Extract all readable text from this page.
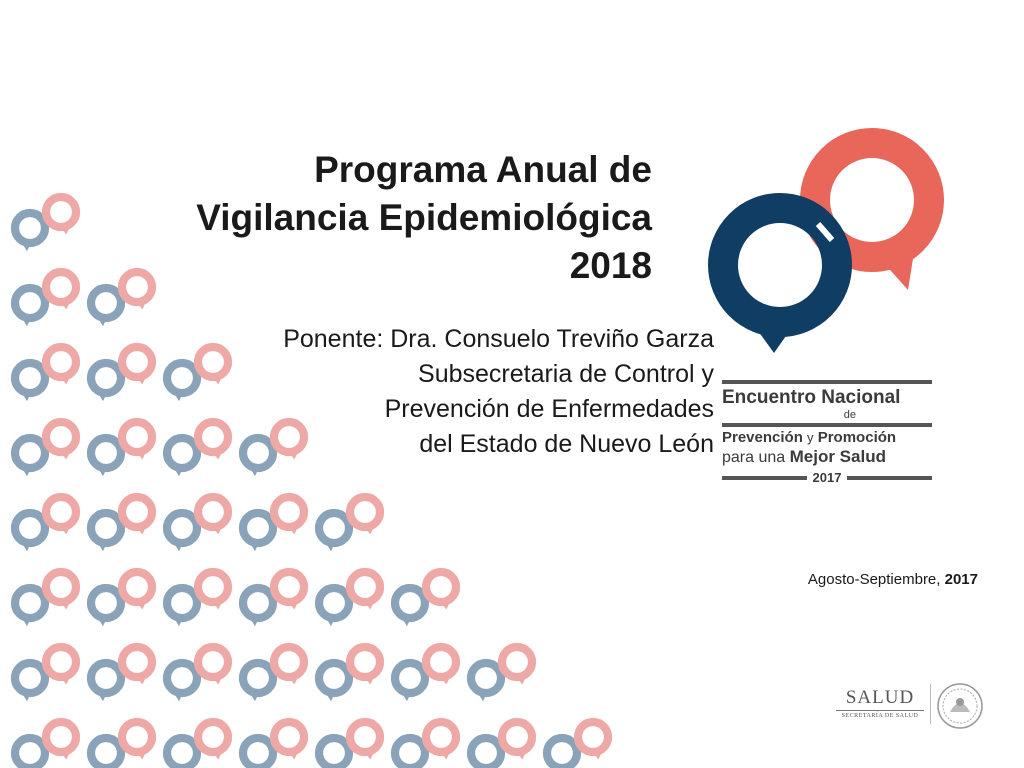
Programa Anual de
Vigilancia Epidemiológica
2018
Ponente: Dra. Consuelo Treviño Garza
Subsecretaria de Control y
Prevención de Enfermedades
del Estado de Nuevo León
Encuentro Nacional
de
Prevención y Promoción
para una Mejor Salud
2017
Agosto-Septiembre, 2017
SALUD
SECRETARÍA DE SALUD
